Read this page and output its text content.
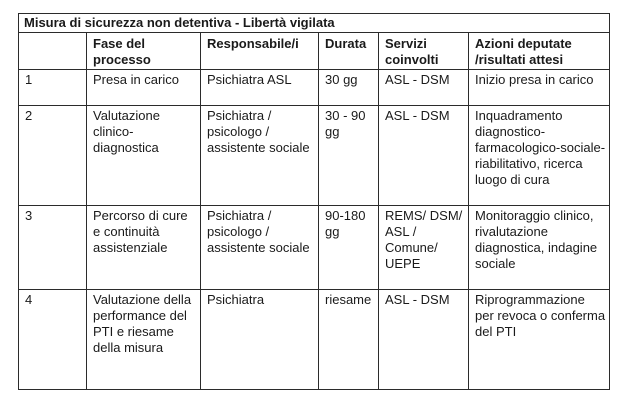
Misura di sicurezza non detentiva - Libertà vigilata					
	Fase del processo	Responsabile/i	Durata	Servizi coinvolti	Azioni deputate /risultati attesi
1	Presa in carico	Psichiatra ASL	30 gg	ASL - DSM	Inizio presa in carico
2	Valutazione clinico-diagnostica	Psichiatra / psicologo / assistente sociale	30 - 90 gg	ASL - DSM	Inquadramento diagnostico-farmacologico-sociale-riabilitativo, ricerca luogo di cura
3	Percorso di cure e continuità assistenziale	Psichiatra / psicologo / assistente sociale	90-180 gg	REMS/ DSM/ ASL / Comune/ UEPE	Monitoraggio clinico, rivalutazione diagnostica, indagine sociale
4	Valutazione della performance del PTI e riesame della misura	Psichiatra	riesame	ASL - DSM	Riprogrammazione per revoca o conferma del PTI
